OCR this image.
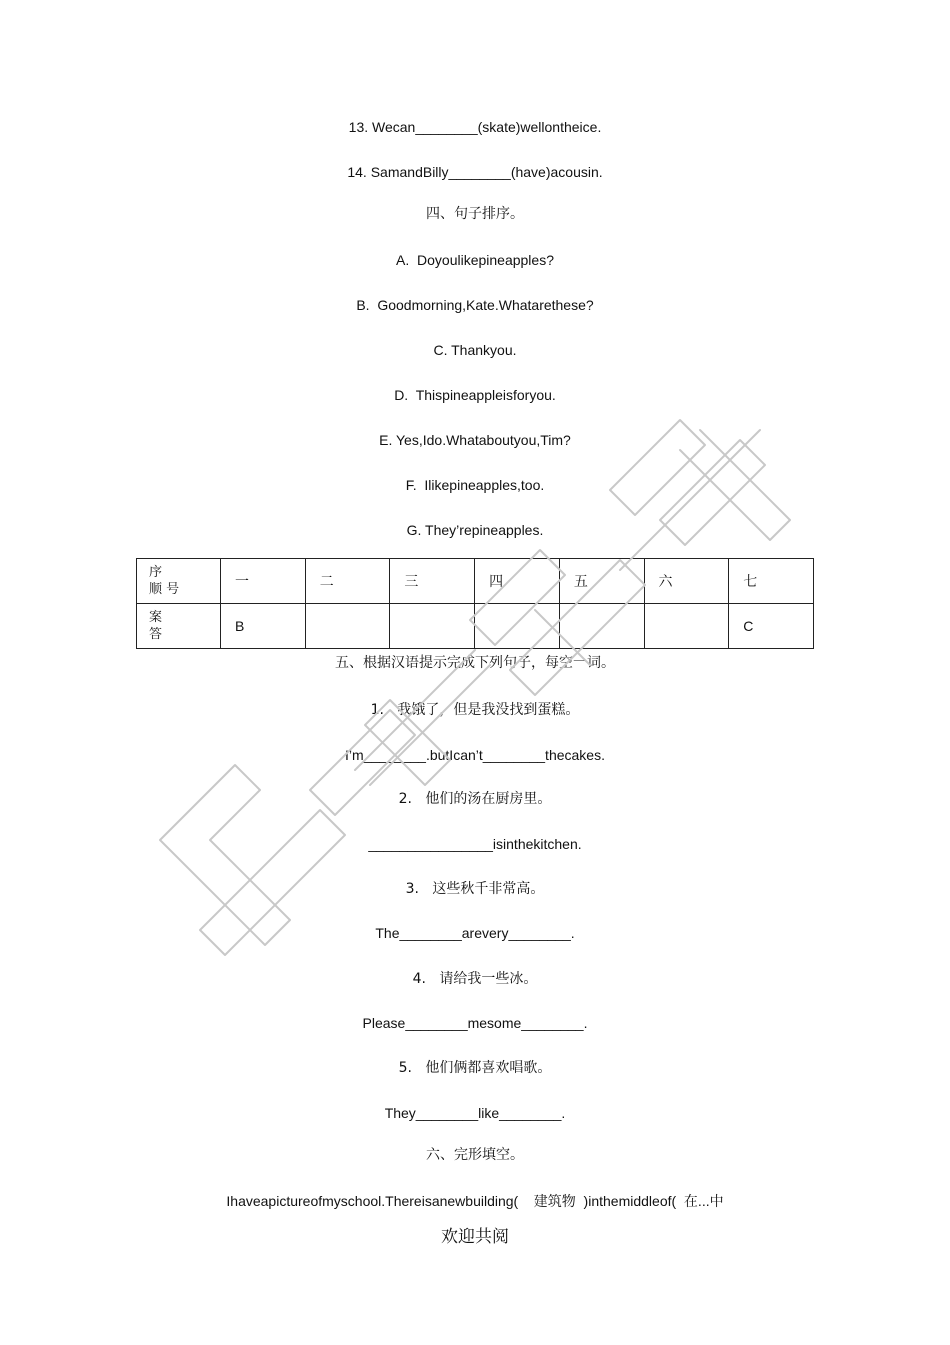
13. Wecan________(skate)wellontheice.
14. SamandBilly________(have)acousin.
四、句子排序。
A.  Doyoulikepineapples?
B.  Goodmorning,Kate.Whatarethese?
C. Thankyou.
D.  Thispineappleisforyou.
E. Yes,Ido.Whataboutyou,Tim?
F.  Ilikepineapples,too.
G. They’repineapples.
序
顺 号	一	二	三	四	五	六	七

案
答	B						C
五、根据汉语提示完成下列句子，每空一词。
1.   我饿了，但是我没找到蛋糕。
I’m________.butIcan’t________thecakes.
2.   他们的汤在厨房里。
________________isinthekitchen.
3.   这些秋千非常高。
The________arevery________.
4.   请给我一些冰。
Please________mesome________.
5.   他们俩都喜欢唱歌。
They________like________.
六、完形填空。
Ihaveapictureofmyschool.Thereisanewbuilding(    建筑物  )inthemiddleof(  在...中
欢迎共阅
